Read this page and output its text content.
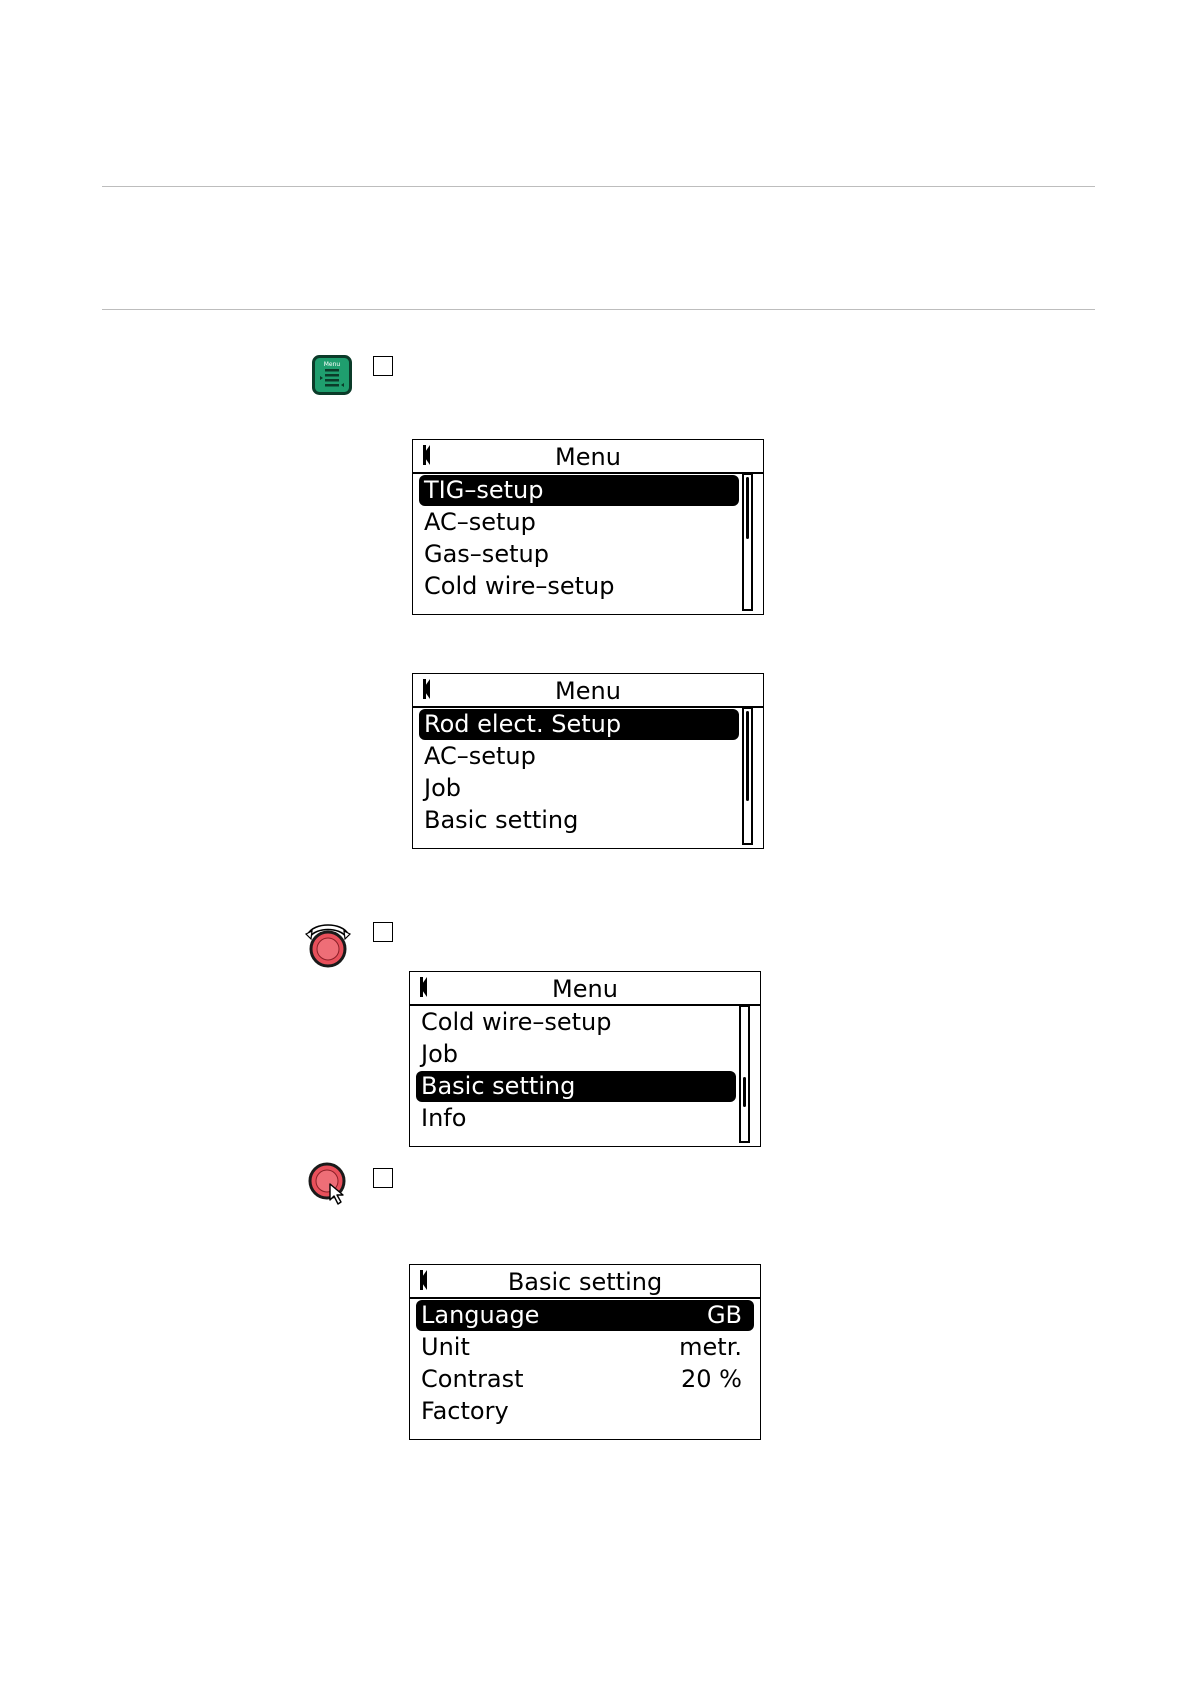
Menu
Menu
TIG–setup
AC–setup
Gas–setup
Cold wire–setup
Menu
Rod elect. Setup
AC–setup
Job
Basic setting
Menu
Cold wire–setup
Job
Basic setting
Info
Basic setting
Language	GB
Unit	metr.
Contrast	20 %
Factory
